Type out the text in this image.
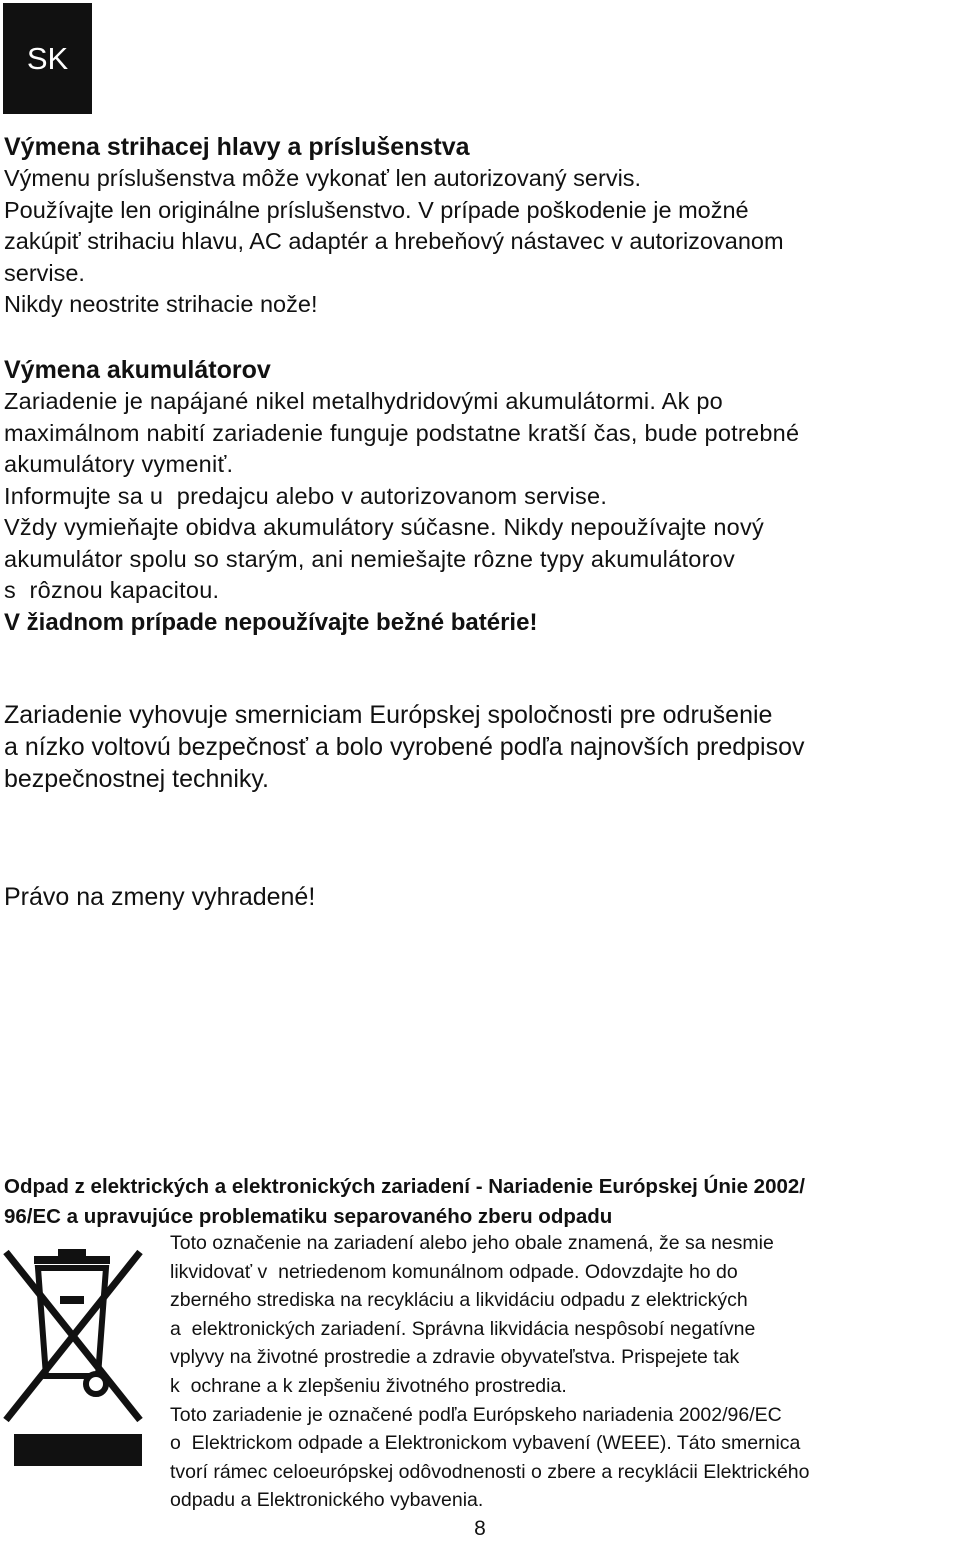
SK

Výmena strihacej hlavy a príslušenstva

Výmenu príslušenstva môže vykonať len autorizovaný servis.

Používajte len originálne príslušenstvo. V prípade poškodenie je možné

zakúpiť strihaciu hlavu, AC adaptér a hrebeňový nástavec v autorizovanom

servise.

Nikdy neostrite strihacie nože!

Výmena akumulátorov

Zariadenie je napájané nikel metalhydridovými akumulátormi. Ak po

maximálnom nabití zariadenie funguje podstatne kratší čas, bude potrebné

akumulátory vymeniť.

Informujte sa u  predajcu alebo v autorizovanom servise.

Vždy vymieňajte obidva akumulátory súčasne. Nikdy nepoužívajte nový

akumulátor spolu so starým, ani nemiešajte rôzne typy akumulátorov

s  rôznou kapacitou.

V žiadnom prípade nepoužívajte bežné batérie!

Zariadenie vyhovuje smerniciam Európskej spoločnosti pre odrušenie

a nízko voltovú bezpečnosť a bolo vyrobené podľa najnovších predpisov

bezpečnostnej techniky.

Právo na zmeny vyhradené!

Odpad z elektrických a elektronických zariadení - Nariadenie Európskej Únie 2002/

96/EC a upravujúce problematiku separovaného zberu odpadu

Toto označenie na zariadení alebo jeho obale znamená, že sa nesmie

likvidovať v  netriedenom komunálnom odpade. Odovzdajte ho do

zberného strediska na recykláciu a likvidáciu odpadu z elektrických

a  elektronických zariadení. Správna likvidácia nespôsobí negatívne

vplyvy na životné prostredie a zdravie obyvateľstva. Prispejete tak

k  ochrane a k zlepšeniu životného prostredia.

Toto zariadenie je označené podľa Európskeho nariadenia 2002/96/EC

o  Elektrickom odpade a Elektronickom vybavení (WEEE). Táto smernica

tvorí rámec celoeurópskej odôvodnenosti o zbere a recyklácii Elektrického

odpadu a Elektronického vybavenia.

8
